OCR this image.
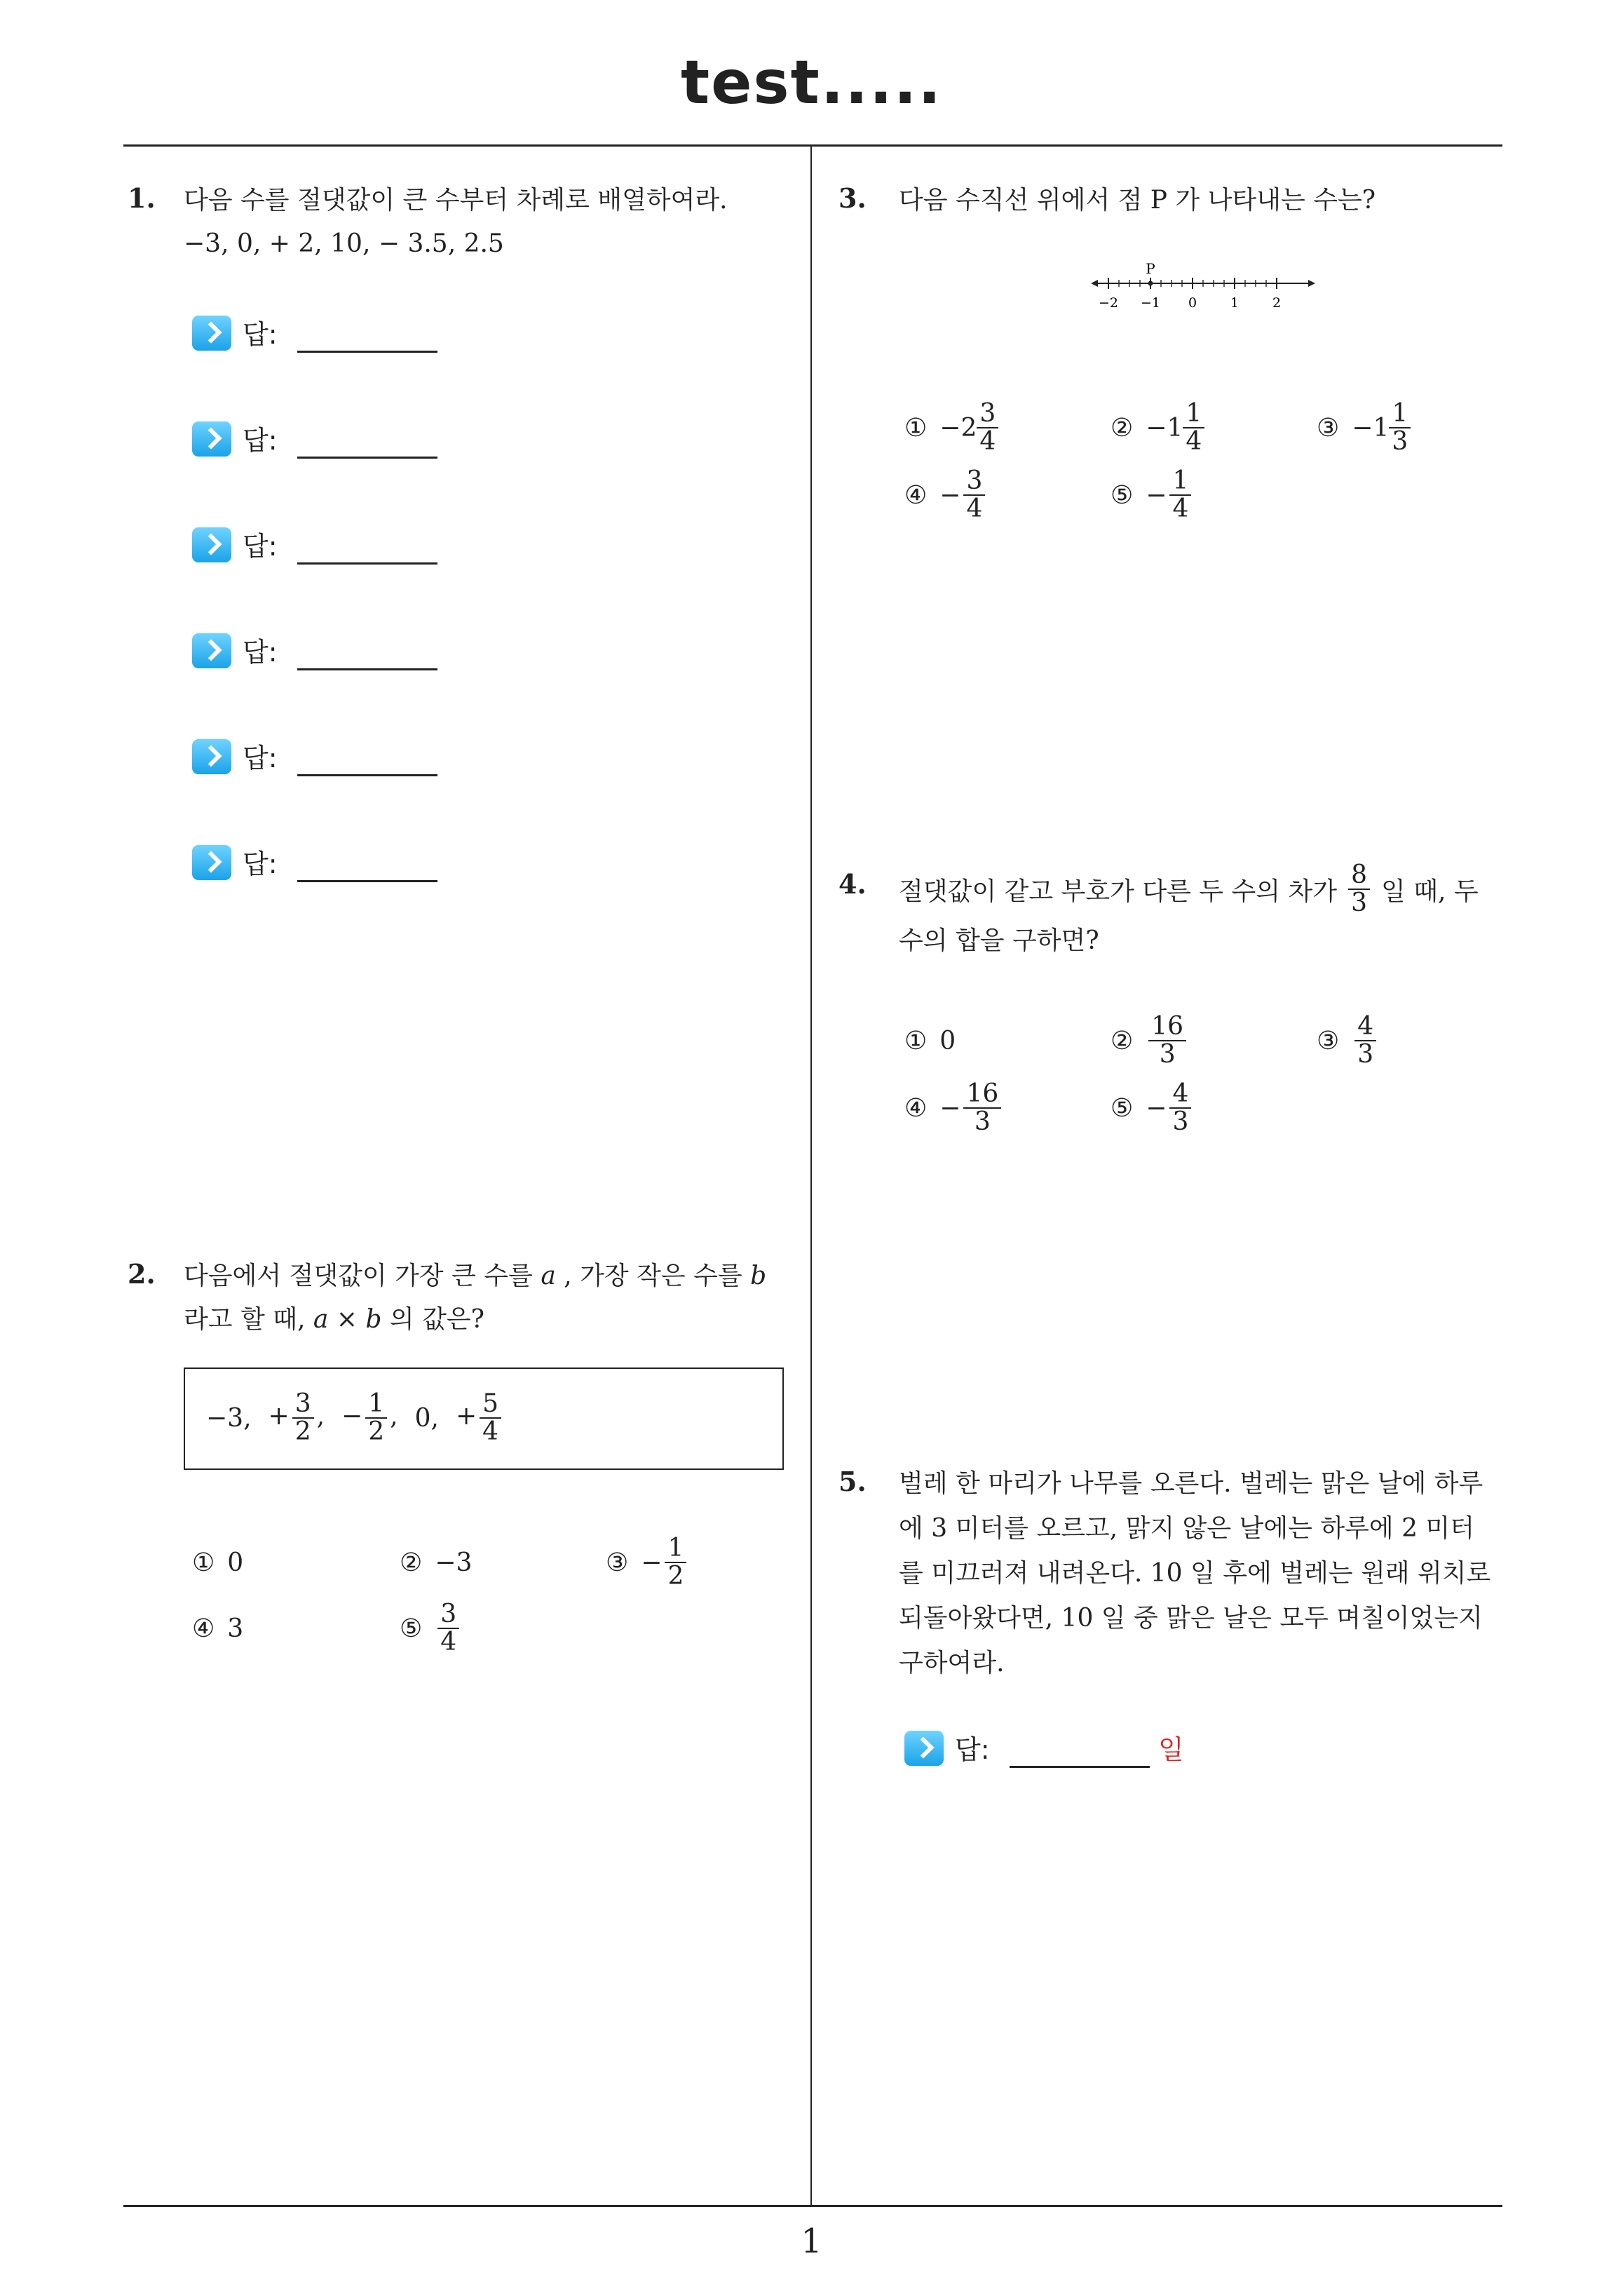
test.....
1. 다음 수를 절댓값이 큰 수부터 차례로 배열하여라.
−3, 0, + 2, 10, − 3.5, 2.5
답:
답:
답:
답:
답:
답:
2. 다음에서 절댓값이 가장 큰 수를 a , 가장 작은 수를 b
라고 할 때, a × b 의 값은?
−3, + $\frac{3}{2}$ , − $\frac{1}{2}$ , 0, + $\frac{5}{4}$
① 0	② −3	③ − $\frac{1}{2}$
④ 3	⑤ $\frac{3}{4}$
3. 다음 수직선 위에서 점 P 가 나타내는 수는?
P
−2 −1 0	1	2
① $-2 \frac{3}{4}$	② $-1 \frac{1}{4}$	③ $-1 \frac{1}{3}$
④ − $\frac{3}{4}$	⑤ − $\frac{1}{4}$
4. 절댓값이 같고 부호가 다른 두 수의 차가 $\frac{8}{3}$ 일 때, 두
수의 합을 구하면?
① 0	② $\frac{16}{3}$	③ $\frac{4}{3}$
④ − $\frac{16}{3}$	⑤ − $\frac{4}{3}$
5. 벌레 한 마리가 나무를 오른다. 벌레는 맑은 날에 하루
에 3 미터를 오르고, 맑지 않은 날에는 하루에 2 미터
를 미끄러져 내려온다. 10 일 후에 벌레는 원래 위치로
되돌아왔다면, 10 일 중 맑은 날은 모두 며칠이었는지
구하여라.
답:	일
1
